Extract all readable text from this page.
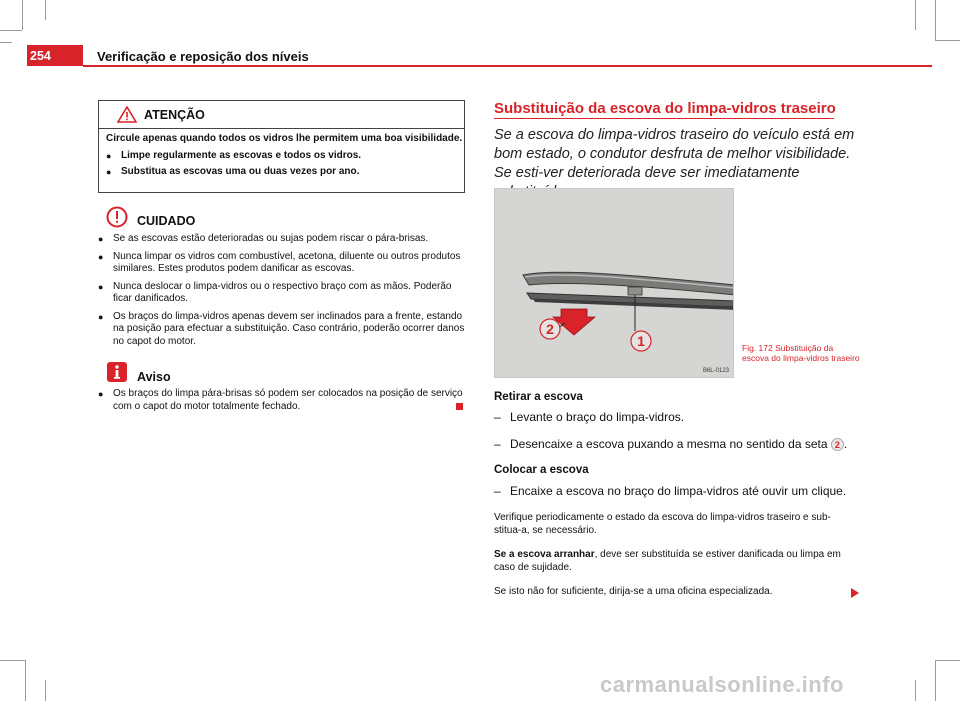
254	Verificação e reposição dos níveis
ATENÇÃO

Circule apenas quando todos os vidros lhe permitem uma boa visibilidade.

● Limpe regularmente as escovas e todos os vidros.
● Substitua as escovas uma ou duas vezes por ano.
CUIDADO
● Se as escovas estão deterioradas ou sujas podem riscar o pára-brisas.
● Nunca limpar os vidros com combustível, acetona, diluente ou outros produtos similares. Estes produtos podem danificar as escovas.
● Nunca deslocar o limpa-vidros ou o respectivo braço com as mãos. Poderão ficar danificados.
● Os braços do limpa-vidros apenas devem ser inclinados para a frente, estando na posição para efectuar a substituição. Caso contrário, poderão ocorrer danos no capot do motor.
Aviso
● Os braços do limpa pára-brisas só podem ser colocados na posição de serviço com o capot do motor totalmente fechado.
Substituição da escova do limpa-vidros traseiro
Se a escova do limpa-vidros traseiro do veículo está em bom estado, o condutor desfruta de melhor visibilidade. Se esti-ver deteriorada deve ser imediatamente
2
1
B6L-0123
Fig. 172 Substituição da escova do limpa-vidros traseiro
Retirar a escova
– Levante o braço do limpa-vidros.
– Desencaixe a escova puxando a mesma no sentido da seta 2 .
Colocar a escova
– Encaixe a escova no braço do limpa-vidros até ouvir um clique.
Verifique periodicamente o estado da escova do limpa-vidros traseiro e sub-stitua-a, se necessário.
Se a escova arranhar, deve ser substituída se estiver danificada ou limpa em caso de sujidade.
Se isto não for suficiente, dirija-se a uma oficina especializada.
carmanualsonline.info
